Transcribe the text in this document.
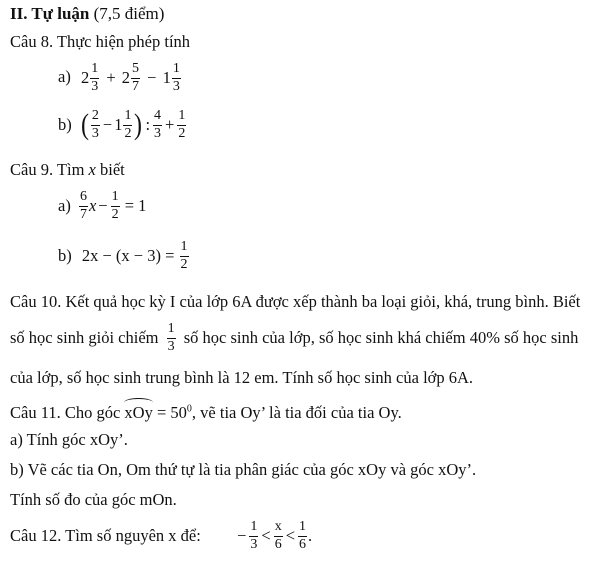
II. Tự luận (7,5 điểm)
Câu 8. Thực hiện phép tính
a) $2 \frac{1}{3} + 2 \frac{5}{7} - 1 \frac{1}{3}$
b) ( $\frac{2}{3} - 1 \frac{1}{2}$ ) : $\frac{4}{3} + \frac{1}{2}$
Câu 9. Tìm x biết
$a) \frac{6}{7}$ $x - \frac{1}{2} = 1$
b) $2x - (x - 3) = \frac{1}{2}$
Câu 10. Kết quả học kỳ I của lớp 6A được xếp thành ba loại giỏi, khá, trung bình. Biết
số học sinh giỏi chiếm $\frac{1}{3}$ số học sinh của lớp, số học sinh khá chiếm 40% số học sinh
của lớp, số học sinh trung bình là 12 em. Tính số học sinh của lớp 6A.
Câu 11. Cho góc xOy = $50^0$, vẽ tia Oy’ là tia đối của tia Oy.
a) Tính góc xOy’.
b) Vẽ các tia On, Om thứ tự là tia phân giác của góc xOy và góc xOy’.
Tính số đo của góc mOn.
Câu 12. Tìm số nguyên x để: − $\frac{1}{3} < \frac{x}{6} < \frac{1}{6}$ .
